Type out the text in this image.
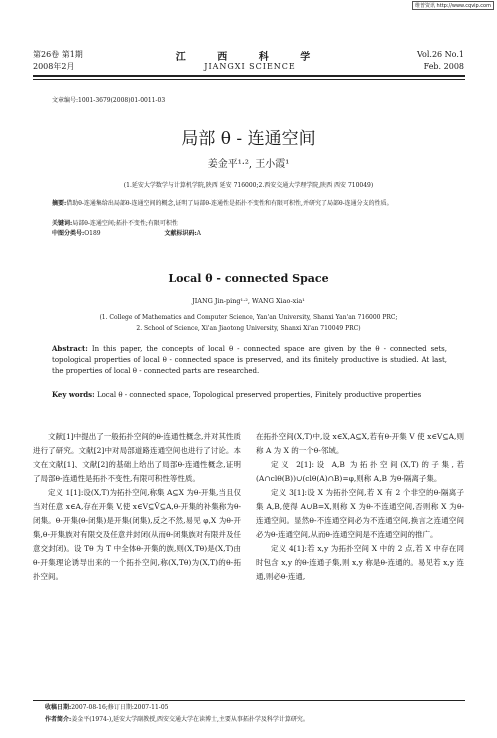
维普资讯 http://www.cqvip.com
第26卷 第1期
2008年2月
江 西 科 学
JIANGXI SCIENCE
Vol.26 No.1
Feb. 2008
文章编号:1001-3679(2008)01-0011-03
局部 θ - 连通空间
姜金平¹·², 王小霞¹
(1.延安大学数学与计算机学院,陕西 延安 716000;2.西安交通大学理学院,陕西 西安 710049)
摘要:借助θ-连通集给出局部θ-连通空间的概念,证明了局部θ-连通性是拓扑不变性和有限可积性,并研究了局部θ-连通分支的性质。
关键词:局部θ-连通空间;拓扑不变性;有限可积性
中图分类号:O189	文献标识码:A
Local θ - connected Space
JIANG Jin-ping¹·², WANG Xiao-xia¹
(1. College of Mathematics and Computer Science, Yan'an University, Shanxi Yan'an 716000 PRC;
2. School of Science, Xi'an Jiaotong University, Shanxi Xi'an 710049 PRC)
Abstract: In this paper, the concepts of local θ - connected space are given by the θ - connected sets, topological properties of local θ - connected space is preserved, and its finitely productive is studied. At last, the properties of local θ - connected parts are researched.
Key words: Local θ - connected space, Topological preserved properties, Finitely productive properties

文献[1]中提出了一般拓扑空间的θ-连通性概念,并对其性质进行了研究。文献[2]中对局部道路连通空间也进行了讨论。本文在文献[1]、文献[2]的基础上给出了局部θ-连通性概念,证明了局部θ-连通性是拓扑不变性,有限可积性等性质。

定义 1[1]:设(X,T)为拓扑空间,称集 A⊆X 为θ-开集,当且仅当对任意 x∈A,存在开集 V,使 x∈V⊆V̄⊆A,θ-开集的补集称为θ-闭集。θ-开集(θ-闭集)是开集(闭集),反之不然,易见 φ,X 为θ-开集,θ-开集族对有限交及任意并封闭(从而θ-闭集族对有限并及任意交封闭)。设 Tθ 为 T 中全体θ-开集的族,则(X,Tθ)是(X,T)由θ-开集理论诱导出来的一个拓扑空间,称(X,Tθ)为(X,T)的θ-拓扑空间。

在拓扑空间(X,T)中,设 x∈X,A⊆X,若有θ-开集 V 使 x∈V⊆A,则称 A 为 X 的一个θ-邻域。

定义 2[1]:设 A,B 为拓扑空间(X,T)的子集,若(A∩clθ(B))∪(clθ(A)∩B)=φ,则称 A,B 为θ-隔离子集。

定义 3[1]:设 X 为拓扑空间,若 X 有 2 个非空的θ-隔离子集 A,B,使得 A∪B=X,则称 X 为θ-不连通空间,否则称 X 为θ-连通空间。显然θ-不连通空间必为不连通空间,换言之连通空间必为θ-连通空间,从而θ-连通空间是不连通空间的推广。

定义 4[1]:若 x,y 为拓扑空间 X 中的 2 点,若 X 中存在同时包含 x,y 的θ-连通子集,则 x,y 称是θ-连通的。易见若 x,y 连通,则必θ-连通,

收稿日期:2007-08-16;修订日期:2007-11-05
作者简介:姜金平(1974-),延安大学副教授,西安交通大学在读博士,主要从事拓扑学及科学计算研究。
